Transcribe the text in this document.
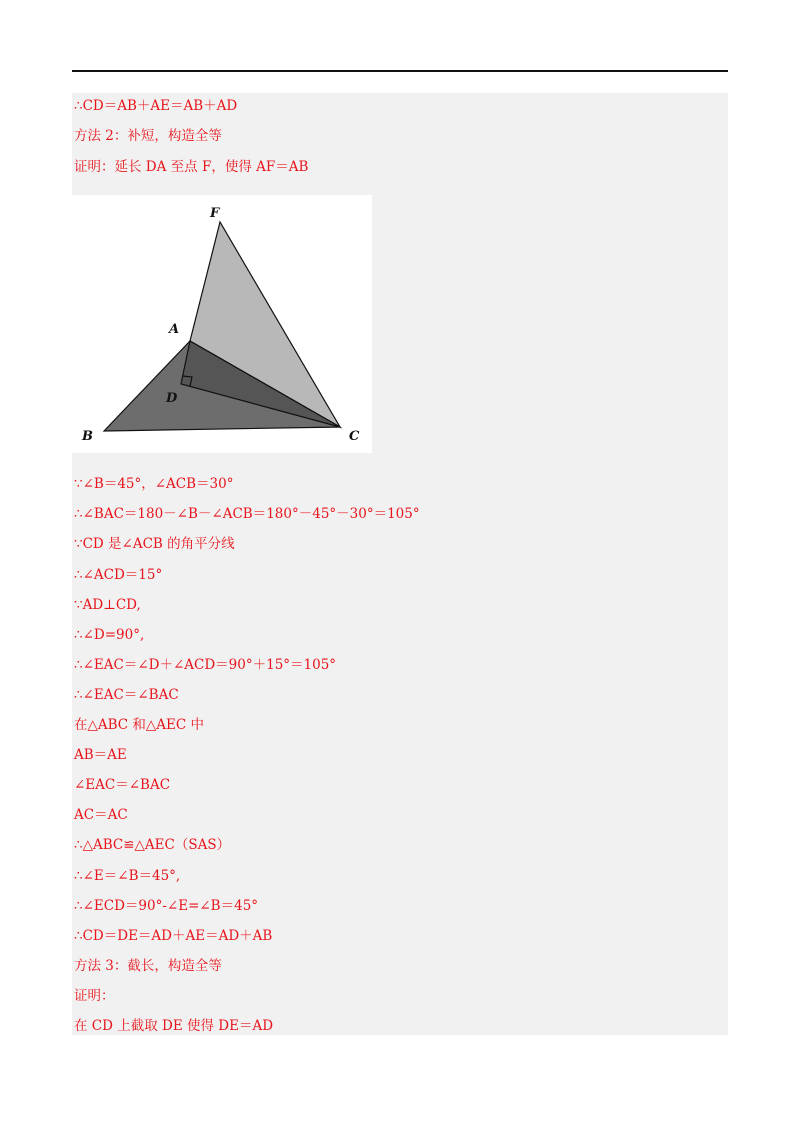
∴CD＝AB＋AE＝AB＋AD
方法 2：补短，构造全等
证明：延长 DA 至点 F，使得 AF＝AB
F
A
D
B	C
∵∠B＝45°，∠ACB＝30°
∴∠BAC＝180－∠B－∠ACB＝180°－45°－30°＝105°
∵CD 是∠ACB 的角平分线
∴∠ACD＝15°
∵AD⊥CD,
∴∠D=90°,
∴∠EAC＝∠D＋∠ACD＝90°＋15°＝105°
∴∠EAC＝∠BAC
在△ABC 和△AEC 中
AB＝AE
∠EAC＝∠BAC
AC＝AC
∴△ABC≌△AEC（SAS）
∴∠E＝∠B＝45°,
∴∠ECD＝90°-∠E=∠B＝45°
∴CD＝DE＝AD＋AE＝AD＋AB
方法 3：截长，构造全等
证明：
在 CD 上截取 DE 使得 DE＝AD
